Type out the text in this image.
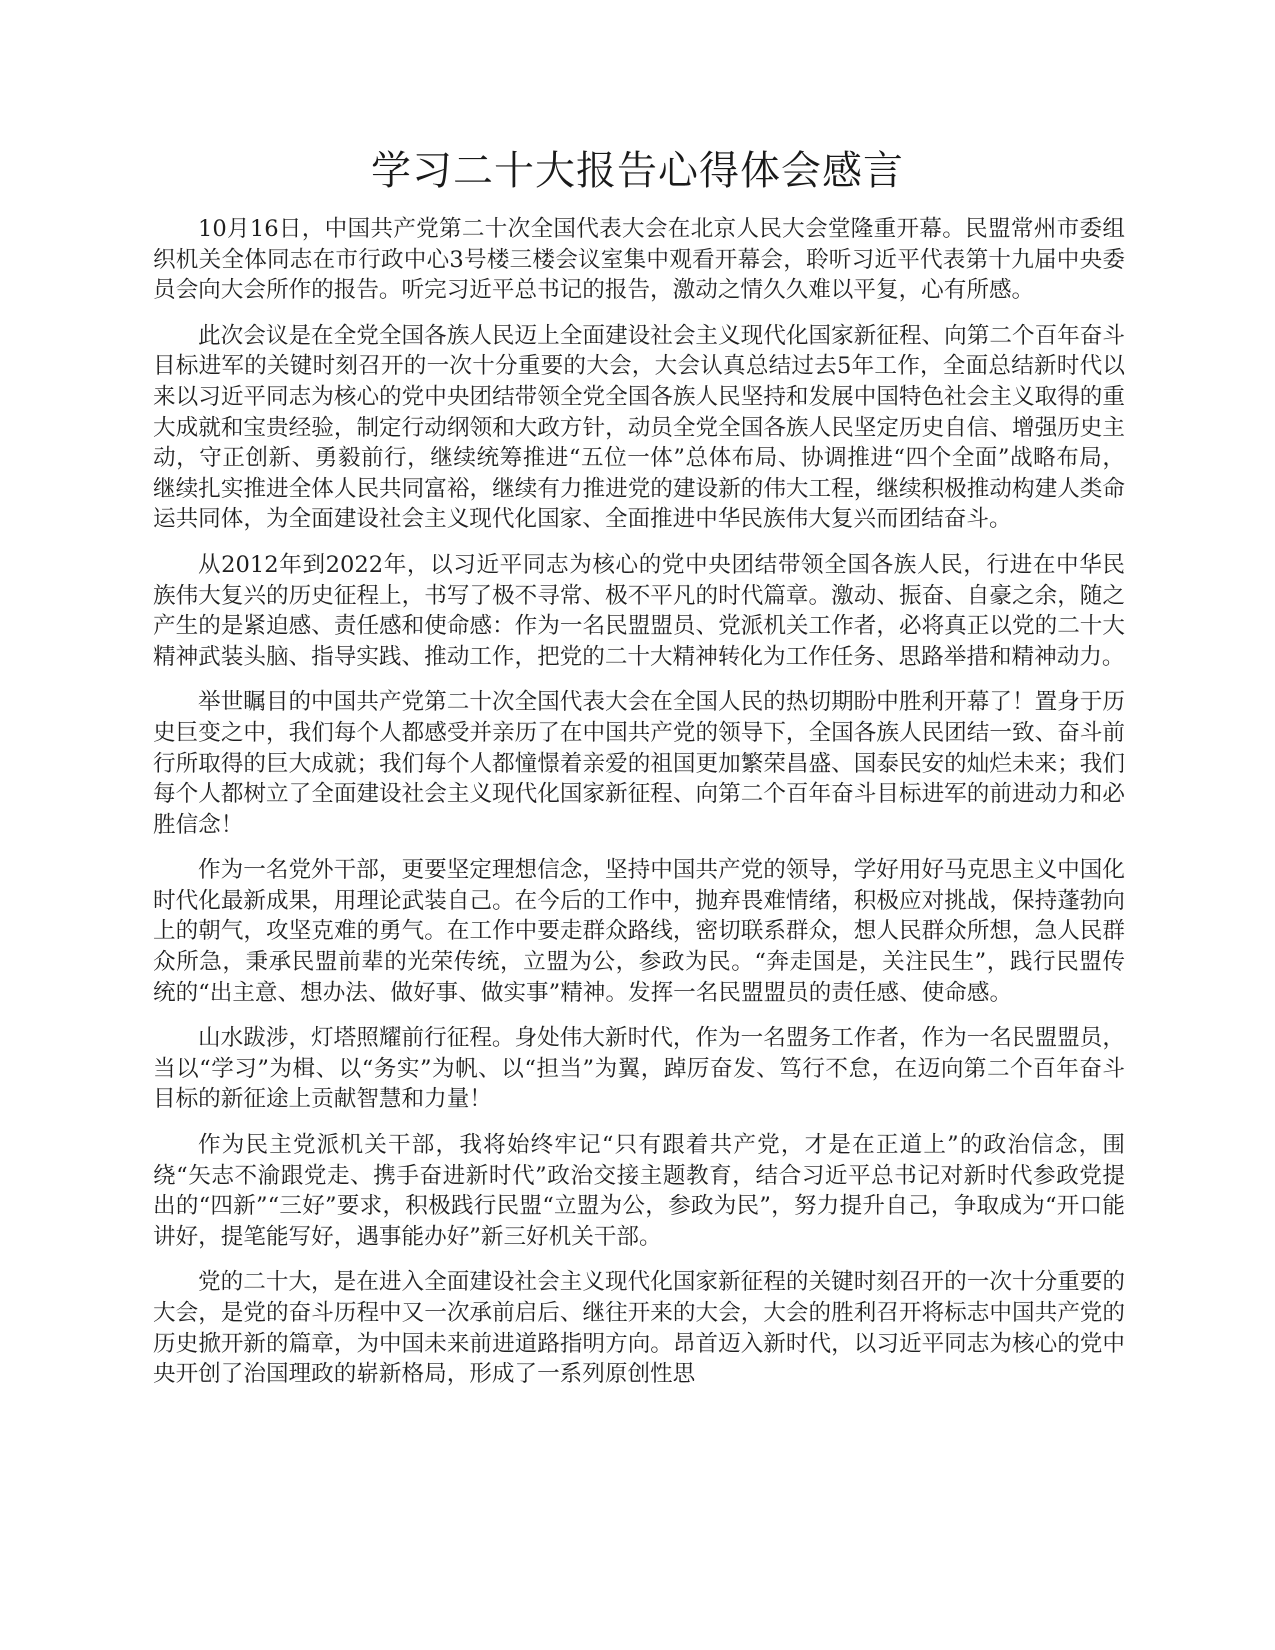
学习二十大报告心得体会感言

10月16日，中国共产党第二十次全国代表大会在北京人民大会堂隆重开幕。民盟常州市委组织机关全体同志在市行政中心3号楼三楼会议室集中观看开幕会，聆听习近平代表第十九届中央委员会向大会所作的报告。听完习近平总书记的报告，激动之情久久难以平复，心有所感。

此次会议是在全党全国各族人民迈上全面建设社会主义现代化国家新征程、向第二个百年奋斗目标进军的关键时刻召开的一次十分重要的大会，大会认真总结过去5年工作，全面总结新时代以来以习近平同志为核心的党中央团结带领全党全国各族人民坚持和发展中国特色社会主义取得的重大成就和宝贵经验，制定行动纲领和大政方针，动员全党全国各族人民坚定历史自信、增强历史主动，守正创新、勇毅前行，继续统筹推进“五位一体”总体布局、协调推进“四个全面”战略布局，继续扎实推进全体人民共同富裕，继续有力推进党的建设新的伟大工程，继续积极推动构建人类命运共同体，为全面建设社会主义现代化国家、全面推进中华民族伟大复兴而团结奋斗。

从2012年到2022年，以习近平同志为核心的党中央团结带领全国各族人民，行进在中华民族伟大复兴的历史征程上，书写了极不寻常、极不平凡的时代篇章。激动、振奋、自豪之余，随之产生的是紧迫感、责任感和使命感：作为一名民盟盟员、党派机关工作者，必将真正以党的二十大精神武装头脑、指导实践、推动工作，把党的二十大精神转化为工作任务、思路举措和精神动力。

举世瞩目的中国共产党第二十次全国代表大会在全国人民的热切期盼中胜利开幕了！置身于历史巨变之中，我们每个人都感受并亲历了在中国共产党的领导下，全国各族人民团结一致、奋斗前行所取得的巨大成就；我们每个人都憧憬着亲爱的祖国更加繁荣昌盛、国泰民安的灿烂未来；我们每个人都树立了全面建设社会主义现代化国家新征程、向第二个百年奋斗目标进军的前进动力和必胜信念！

作为一名党外干部，更要坚定理想信念，坚持中国共产党的领导，学好用好马克思主义中国化时代化最新成果，用理论武装自己。在今后的工作中，抛弃畏难情绪，积极应对挑战，保持蓬勃向上的朝气，攻坚克难的勇气。在工作中要走群众路线，密切联系群众，想人民群众所想，急人民群众所急，秉承民盟前辈的光荣传统，立盟为公，参政为民。“奔走国是，关注民生”，践行民盟传统的“出主意、想办法、做好事、做实事”精神。发挥一名民盟盟员的责任感、使命感。

山水跋涉，灯塔照耀前行征程。身处伟大新时代，作为一名盟务工作者，作为一名民盟盟员，当以“学习”为楫、以“务实”为帆、以“担当”为翼，踔厉奋发、笃行不怠，在迈向第二个百年奋斗目标的新征途上贡献智慧和力量！

作为民主党派机关干部，我将始终牢记“只有跟着共产党，才是在正道上”的政治信念，围绕“矢志不渝跟党走、携手奋进新时代”政治交接主题教育，结合习近平总书记对新时代参政党提出的“四新”“三好”要求，积极践行民盟“立盟为公，参政为民”，努力提升自己，争取成为“开口能讲好，提笔能写好，遇事能办好”新三好机关干部。

党的二十大，是在进入全面建设社会主义现代化国家新征程的关键时刻召开的一次十分重要的大会，是党的奋斗历程中又一次承前启后、继往开来的大会，大会的胜利召开将标志中国共产党的历史掀开新的篇章，为中国未来前进道路指明方向。昂首迈入新时代，以习近平同志为核心的党中央开创了治国理政的崭新格局，形成了一系列原创性思
